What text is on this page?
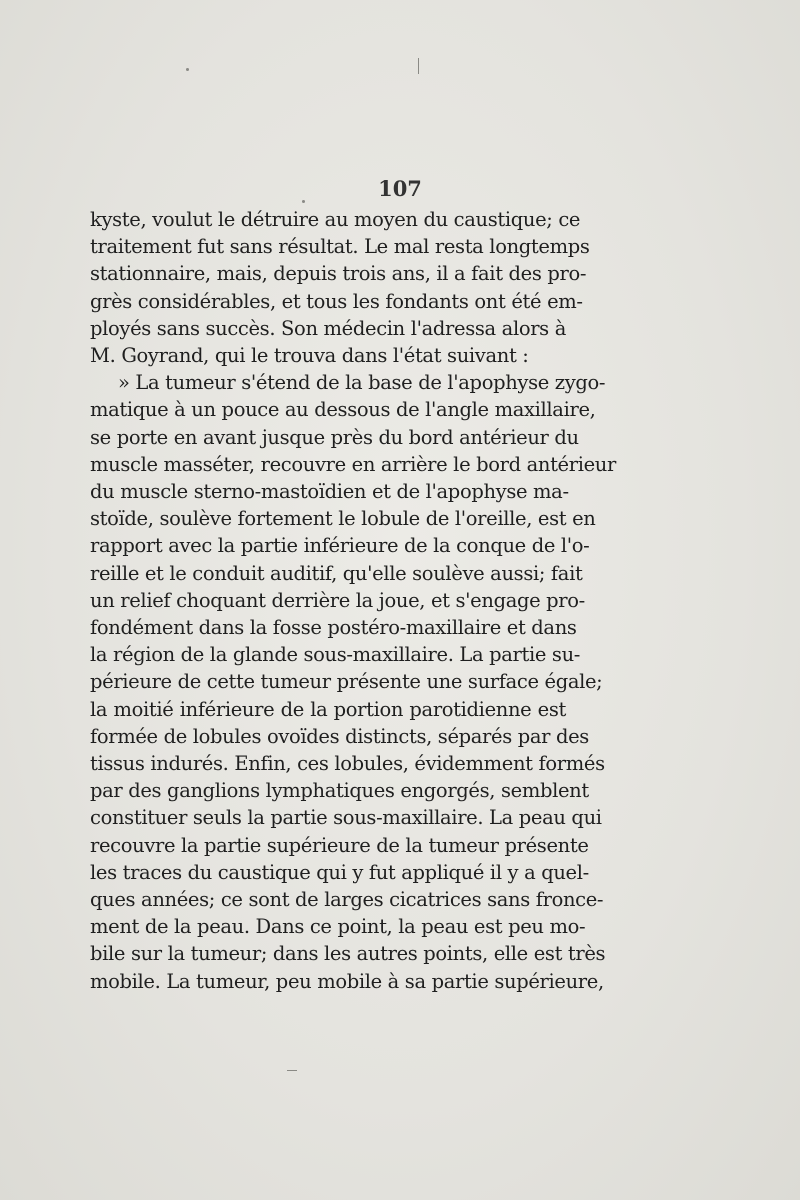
107
kyste, voulut le détruire au moyen du caustique; ce
traitement fut sans résultat. Le mal resta longtemps
stationnaire, mais, depuis trois ans, il a fait des pro-
grès considérables, et tous les fondants ont été em-
ployés sans succès. Son médecin l'adressa alors à
M. Goyrand, qui le trouva dans l'état suivant :
» La tumeur s'étend de la base de l'apophyse zygo-
matique à un pouce au dessous de l'angle maxillaire,
se porte en avant jusque près du bord antérieur du
muscle masséter, recouvre en arrière le bord antérieur
du muscle sterno-mastoïdien et de l'apophyse ma-
stoïde, soulève fortement le lobule de l'oreille, est en
rapport avec la partie inférieure de la conque de l'o-
reille et le conduit auditif, qu'elle soulève aussi; fait
un relief choquant derrière la joue, et s'engage pro-
fondément dans la fosse postéro-maxillaire et dans
la région de la glande sous-maxillaire. La partie su-
périeure de cette tumeur présente une surface égale;
la moitié inférieure de la portion parotidienne est
formée de lobules ovoïdes distincts, séparés par des
tissus indurés. Enfin, ces lobules, évidemment formés
par des ganglions lymphatiques engorgés, semblent
constituer seuls la partie sous-maxillaire. La peau qui
recouvre la partie supérieure de la tumeur présente
les traces du caustique qui y fut appliqué il y a quel-
ques années; ce sont de larges cicatrices sans fronce-
ment de la peau. Dans ce point, la peau est peu mo-
bile sur la tumeur; dans les autres points, elle est très
mobile. La tumeur, peu mobile à sa partie supérieure,
